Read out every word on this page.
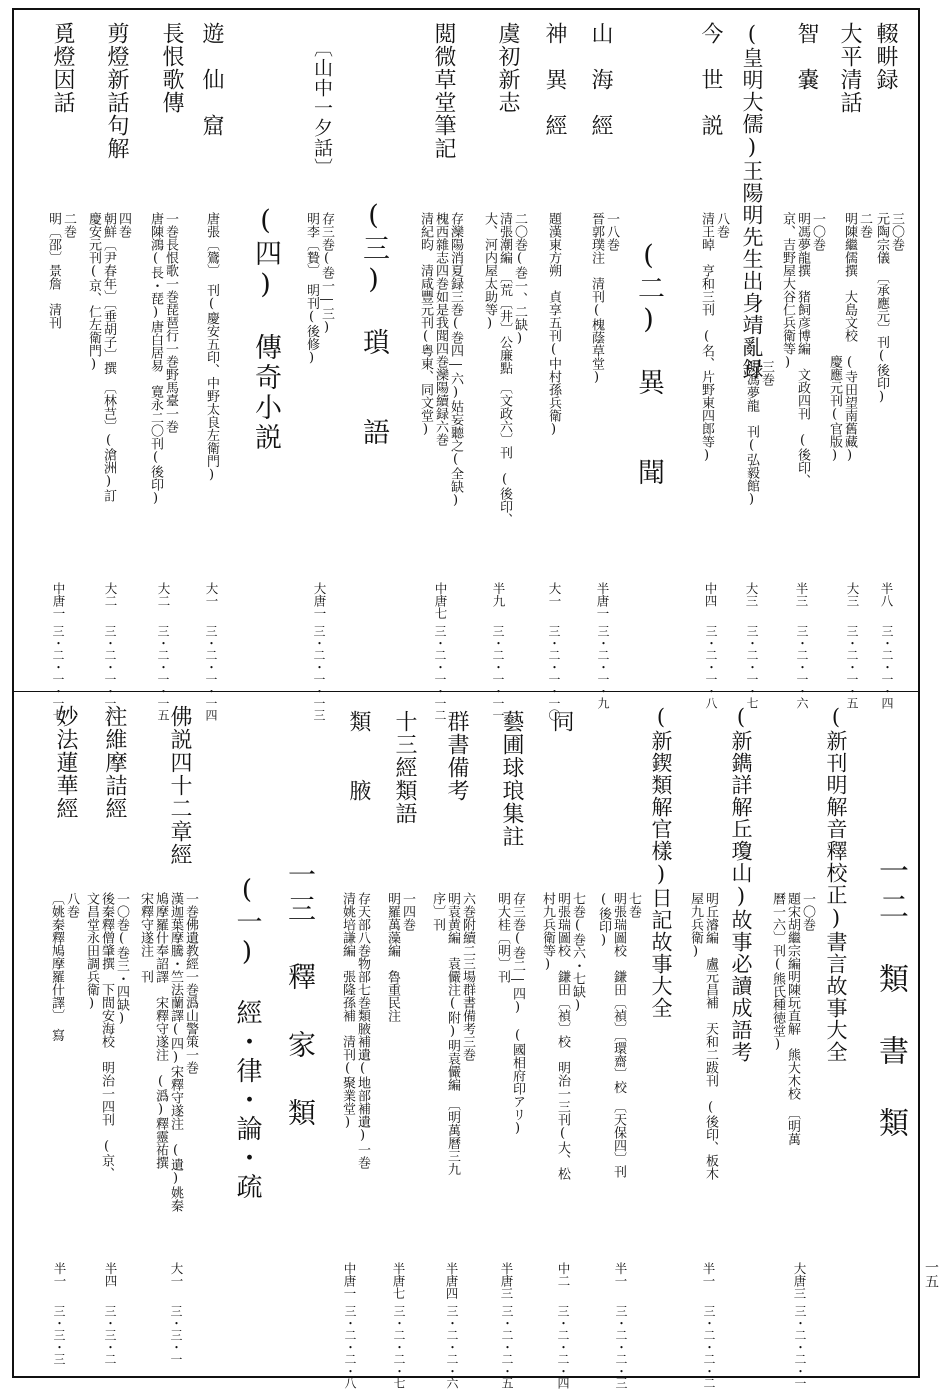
輟畊録
三〇巻
元陶宗儀　〔承應元〕刊(後印)
半八
三・二・一・四
大平清話
二巻
明陳繼儒撰　大島文校　(寺田望南舊藏)
　　　　　　　　　　　慶應元刊(官版)
大三
三・二・一・五
智　嚢
一〇巻
明馮夢龍撰　猪飼彦博編　文政四刊　(後印、
京、吉野屋大谷仁兵衛等)
半三
三・二・一・六
(皇明大儒)王陽明先生出身靖亂録
三巻
明馮夢龍　刊(弘毅館)
大三
三・二・一・七
今　世　説
八巻
清王晫　亨和三刊　(名、片野東四郎等)
中四
三・二・一・八
(二)　異　　聞
山　海　經
一八巻
晉郭璞注　清刊(槐蔭草堂)
半唐一
三・二・一・九
神　異　經
題漢東方朔　貞享五刊(中村孫兵衛)
大一
三・二・一・一〇
虞初新志
二〇巻(巻一、二缺)
清張潮編　〔荒〔井〕公廉點　〔文政六〕刊　(後印、
大、河内屋太助等)
半九
三・二・一・一一
閲微草堂筆記
存灤陽消夏録三巻(巻四―六)姑妄聽之(全缺)
槐西雜志四巻如是我聞四巻灤陽續録六巻
清紀昀　清咸豐元刊(粤東、同文堂)
中唐七
三・二・一・一二
(三)　瑣　　語
〔山中一夕話〕
存三巻(巻一―三)
明李〔贄〕　明刊(後修)
大唐一
三・二・一・一三
(四)　傳奇小説
遊　仙　窟
唐張〔鷟〕　刊(慶安五印、中野太良左衛門)
大一
三・二・一・一四
長恨歌傳
一巻長恨歌一巻琵琶行一巻野馬臺一巻
唐陳鴻(長・琵)唐白居易　寛永二〇刊(後印)
大二
三・二・一・一五
剪燈新話句解
四巻
朝鮮〔尹春年〕〔垂胡子〕撰　〔林芑〕(滄洲)訂
慶安元刊(京、仁左衛門)
大二
三・二・一・一六
覓燈因話
二巻
明〔邵〕景詹　清刊
中唐一
三・二・一・一七
一二　類　書　類
(新刊明解音釋校正)書言故事大全
一〇巻
題宋胡繼宗編明陳玩直解　熊大木校　〔明萬
曆一六〕刊(熊氏種徳堂)
大唐三
三・二・二・一
(新鐫詳解丘瓊山)故事必讀成語考
明丘濬編　盧元昌補　天和二跋刊　(後印、板木
屋九兵衛)
半一
三・二・二・二
(新鍥類解官樣)日記故事大全
七巻
明張瑞圖校　鎌田〔禎〕〔環齋〕校　〔天保四〕刊
(後印)
半一
三・二・二・三
同
七巻(巻六・七缺)
明張瑞圖校　鎌田〔禎〕校　明治一三刊(大、松
村九兵衛等)
中二
三・二・二・四
藝圃球琅集註
存三巻(巻二―四)　(國相府印アリ)
明大桂〔明〕刊
半唐三
三・二・二・五
群書備考
六巻附續二三場群書備考三巻
明袁黄編　袁儼注(附)明袁儼編　〔明萬曆三九
序〕刊
半唐四
三・二・二・六
十三經類語
一四巻
明羅萬藻編　魯重民注
半唐七
三・二・二・七
類　　腋
存天部八巻物部七巻類腋補遺(地部補遺)一巻
清姚培謙編　張隆孫補　清刊(聚業堂)
中唐一
三・二・二・八
一三　釋　家　類
(一)　經・律・論・疏
佛説四十二章經
一巻佛遺教經一巻潙山警策一巻
漢迦葉摩騰・竺法蘭譯(四)宋釋守遂注　(遺)姚秦
鳩摩羅什奉詔譯　宋釋守遂注　(潙)釋靈祐撰
宋釋守遂注　刊
大一
三・三・一
注維摩詰經
一〇巻(巻三・四缺)
後秦釋僧肇撰　下間安海校　明治一四刊　(京、
文昌堂永田調兵衛)
半四
三・三・二
妙法蓮華經
八巻
〔姚秦釋鳩摩羅什譯〕　寫
半一
三・三・三
一五
